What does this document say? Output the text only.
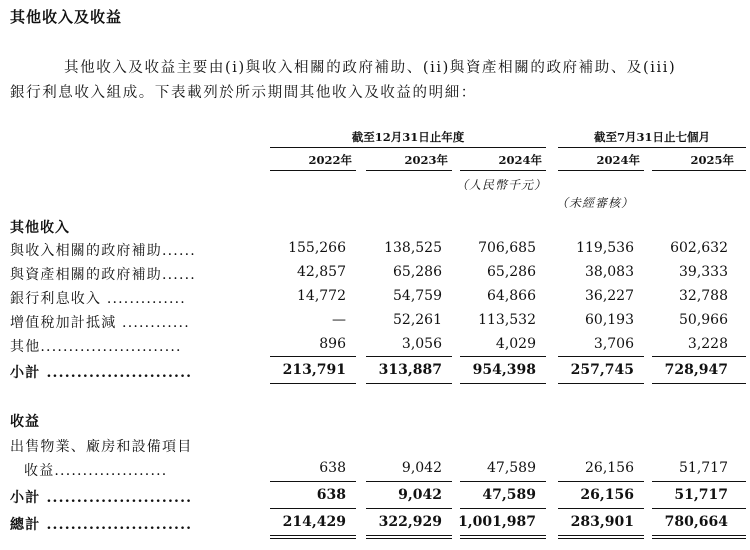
其他收入及收益
其他收入及收益主要由(i)與收入相關的政府補助、(ii)與資產相關的政府補助、及(iii)
銀行利息收入組成。下表載列於所示期間其他收入及收益的明細：
截至12月31日止年度	截至7月31日止七個月
2022年	2023年	2024年	2024年	2025年
（人民幣千元）
（未經審核）
其他收入
與收入相關的政府補助......	155,266	138,525	706,685	119,536	602,632
與資產相關的政府補助......	42,857	65,286	65,286	38,083	39,333
銀行利息收入 ..............	14,772	54,759	64,866	36,227	32,788
增值稅加計抵減 ............	—	52,261	113,532	60,193	50,966
其他.........................	896	3,056	4,029	3,706	3,228
小計 ........................	213,791	313,887	954,398	257,745	728,947
收益
出售物業、廠房和設備項目
收益....................	638	9,042	47,589	26,156	51,717
小計 ........................	638	9,042	47,589	26,156	51,717
總計 ........................	214,429	322,929	1,001,987	283,901	780,664
